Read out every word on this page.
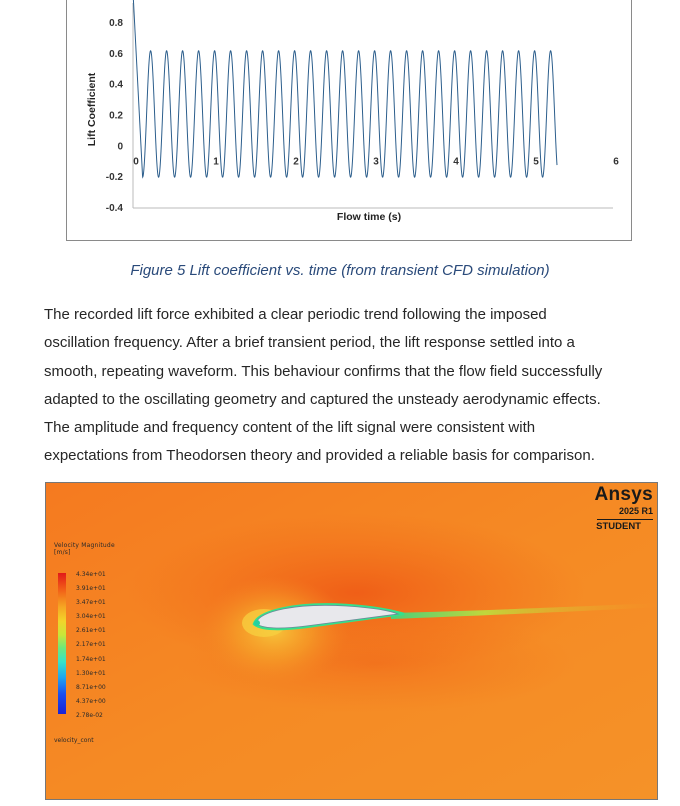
0.8
0.6
0.4
0.2
0
-0.2
-0.4
0	1	2	3	4	5	6
Lift Coefficient
Flow time (s)
Figure 5 Lift coefficient vs. time (from transient CFD simulation)
The recorded lift force exhibited a clear periodic trend following the imposed
oscillation frequency. After a brief transient period, the lift response settled into a
smooth, repeating waveform. This behaviour confirms that the flow field successfully
adapted to the oscillating geometry and captured the unsteady aerodynamic effects.
The amplitude and frequency content of the lift signal were consistent with
expectations from Theodorsen theory and provided a reliable basis for comparison.
Ansys
2025 R1
STUDENT
Velocity Magnitude
[m/s]
4.34e+01
3.91e+01
3.47e+01
3.04e+01
2.61e+01
2.17e+01
1.74e+01
1.30e+01
8.71e+00
4.37e+00
2.78e-02
velocity_cont
